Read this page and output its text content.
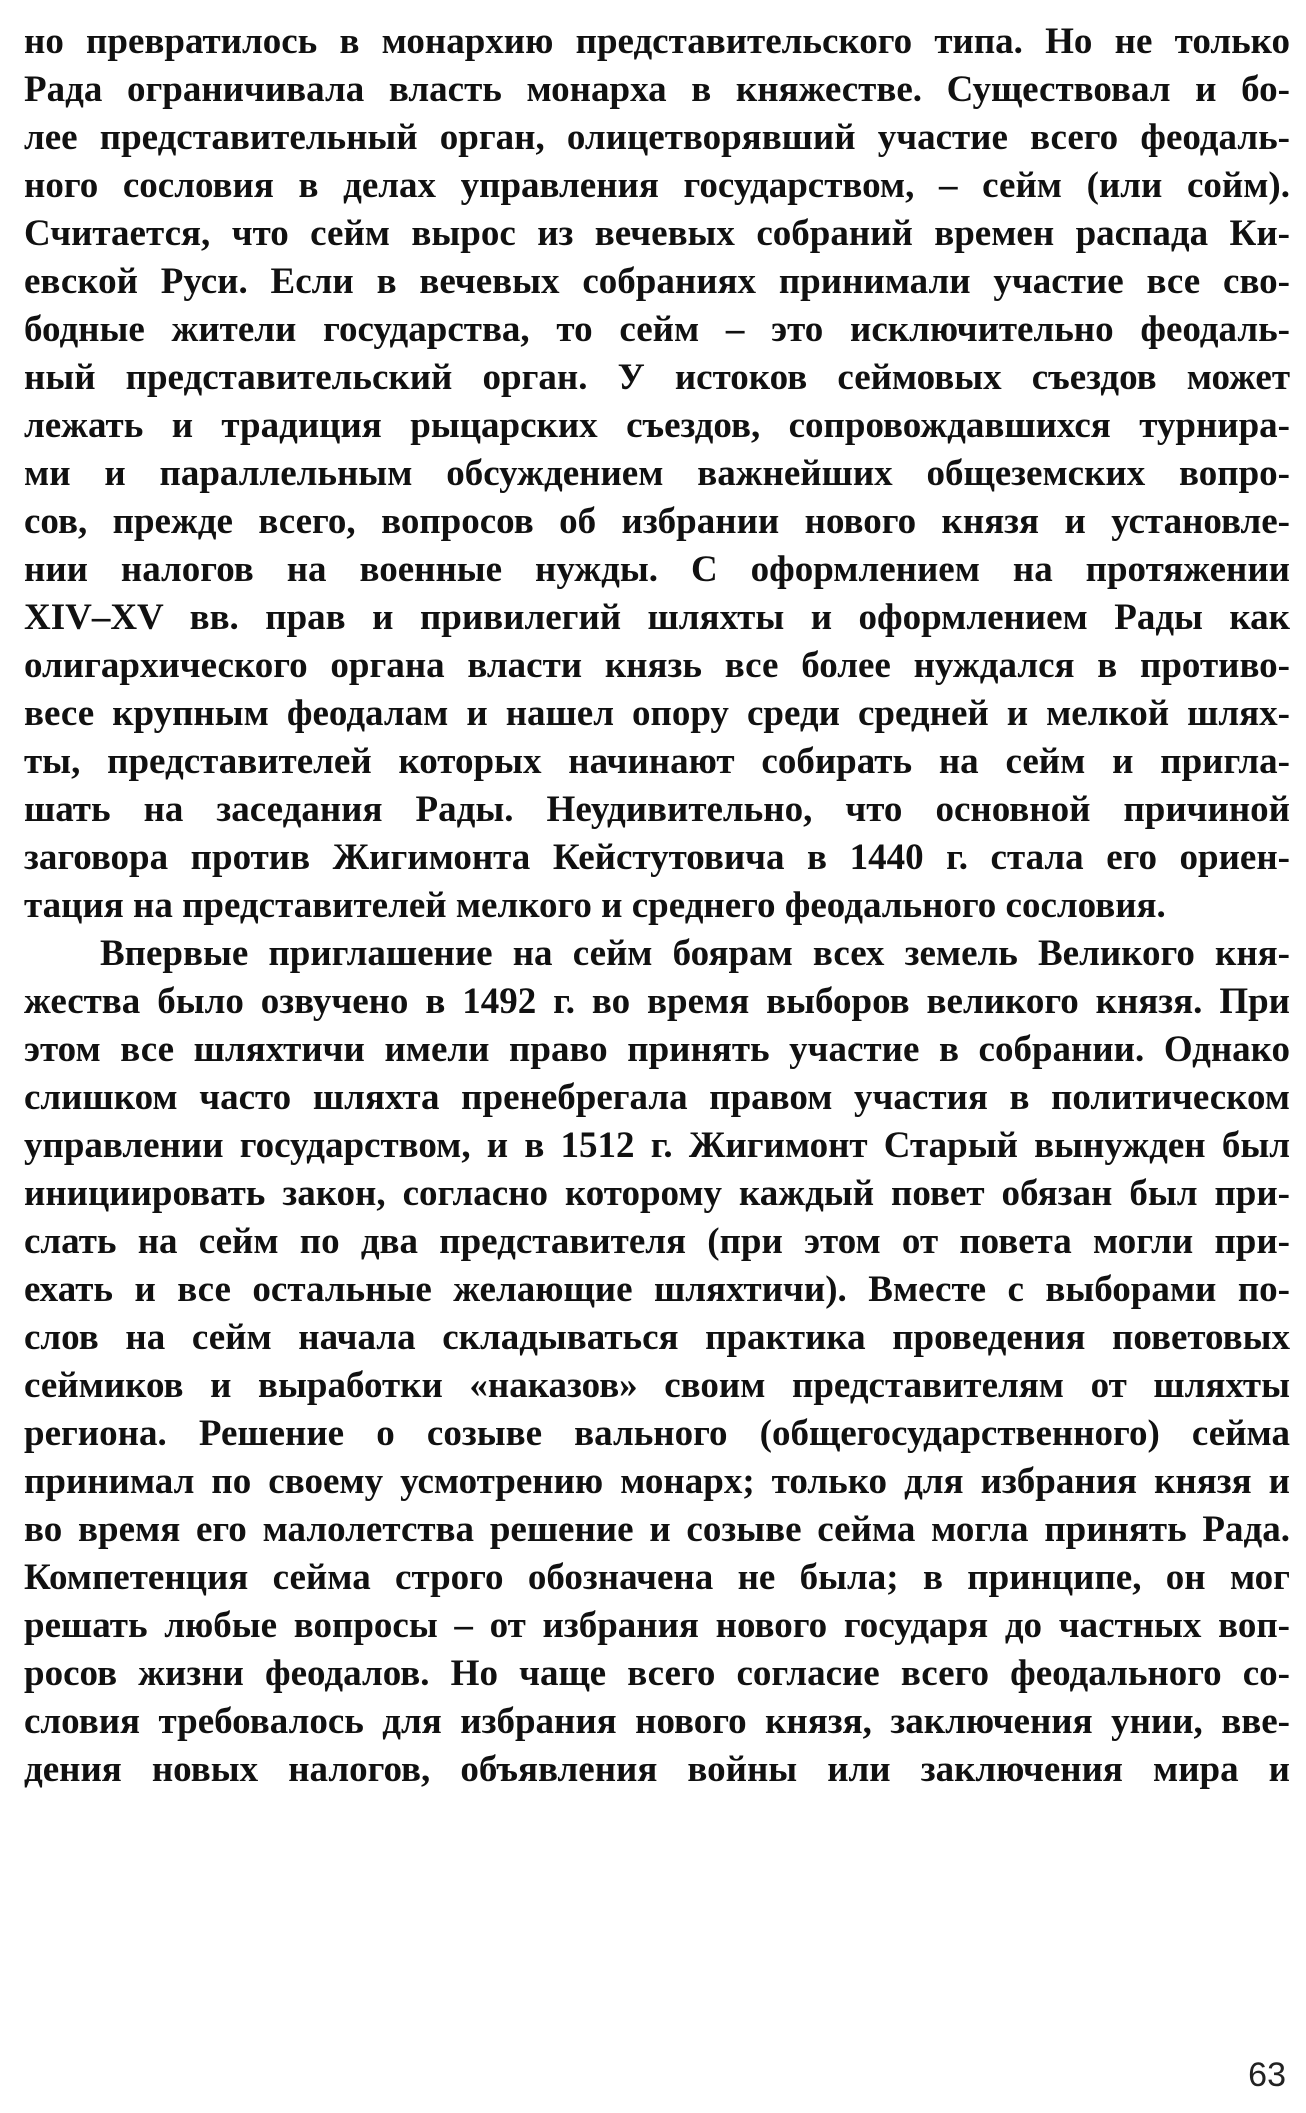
но превратилось в монархию представительского типа. Но не только
Рада ограничивала власть монарха в княжестве. Существовал и бо-
лее представительный орган, олицетворявший участие всего феодаль-
ного сословия в делах управления государством, – сейм (или сойм).
Считается, что сейм вырос из вечевых собраний времен распада Ки-
евской Руси. Если в вечевых собраниях принимали участие все сво-
бодные жители государства, то сейм – это исключительно феодаль-
ный представительский орган. У истоков сеймовых съездов может
лежать и традиция рыцарских съездов, сопровождавшихся турнира-
ми и параллельным обсуждением важнейших общеземских вопро-
сов, прежде всего, вопросов об избрании нового князя и установле-
нии налогов на военные нужды. С оформлением на протяжении
XIV–XV вв. прав и привилегий шляхты и оформлением Рады как
олигархического органа власти князь все более нуждался в противо-
весе крупным феодалам и нашел опору среди средней и мелкой шлях-
ты, представителей которых начинают собирать на сейм и пригла-
шать на заседания Рады. Неудивительно, что основной причиной
заговора против Жигимонта Кейстутовича в 1440 г. стала его ориен-
тация на представителей мелкого и среднего феодального сословия.
Впервые приглашение на сейм боярам всех земель Великого кня-
жества было озвучено в 1492 г. во время выборов великого князя. При
этом все шляхтичи имели право принять участие в собрании. Однако
слишком часто шляхта пренебрегала правом участия в политическом
управлении государством, и в 1512 г. Жигимонт Старый вынужден был
инициировать закон, согласно которому каждый повет обязан был при-
слать на сейм по два представителя (при этом от повета могли при-
ехать и все остальные желающие шляхтичи). Вместе с выборами по-
слов на сейм начала складываться практика проведения поветовых
сеймиков и выработки «наказов» своим представителям от шляхты
региона. Решение о созыве вального (общегосударственного) сейма
принимал по своему усмотрению монарх; только для избрания князя и
во время его малолетства решение и созыве сейма могла принять Рада.
Компетенция сейма строго обозначена не была; в принципе, он мог
решать любые вопросы – от избрания нового государя до частных воп-
росов жизни феодалов. Но чаще всего согласие всего феодального со-
словия требовалось для избрания нового князя, заключения унии, вве-
дения новых налогов, объявления войны или заключения мира и
63
